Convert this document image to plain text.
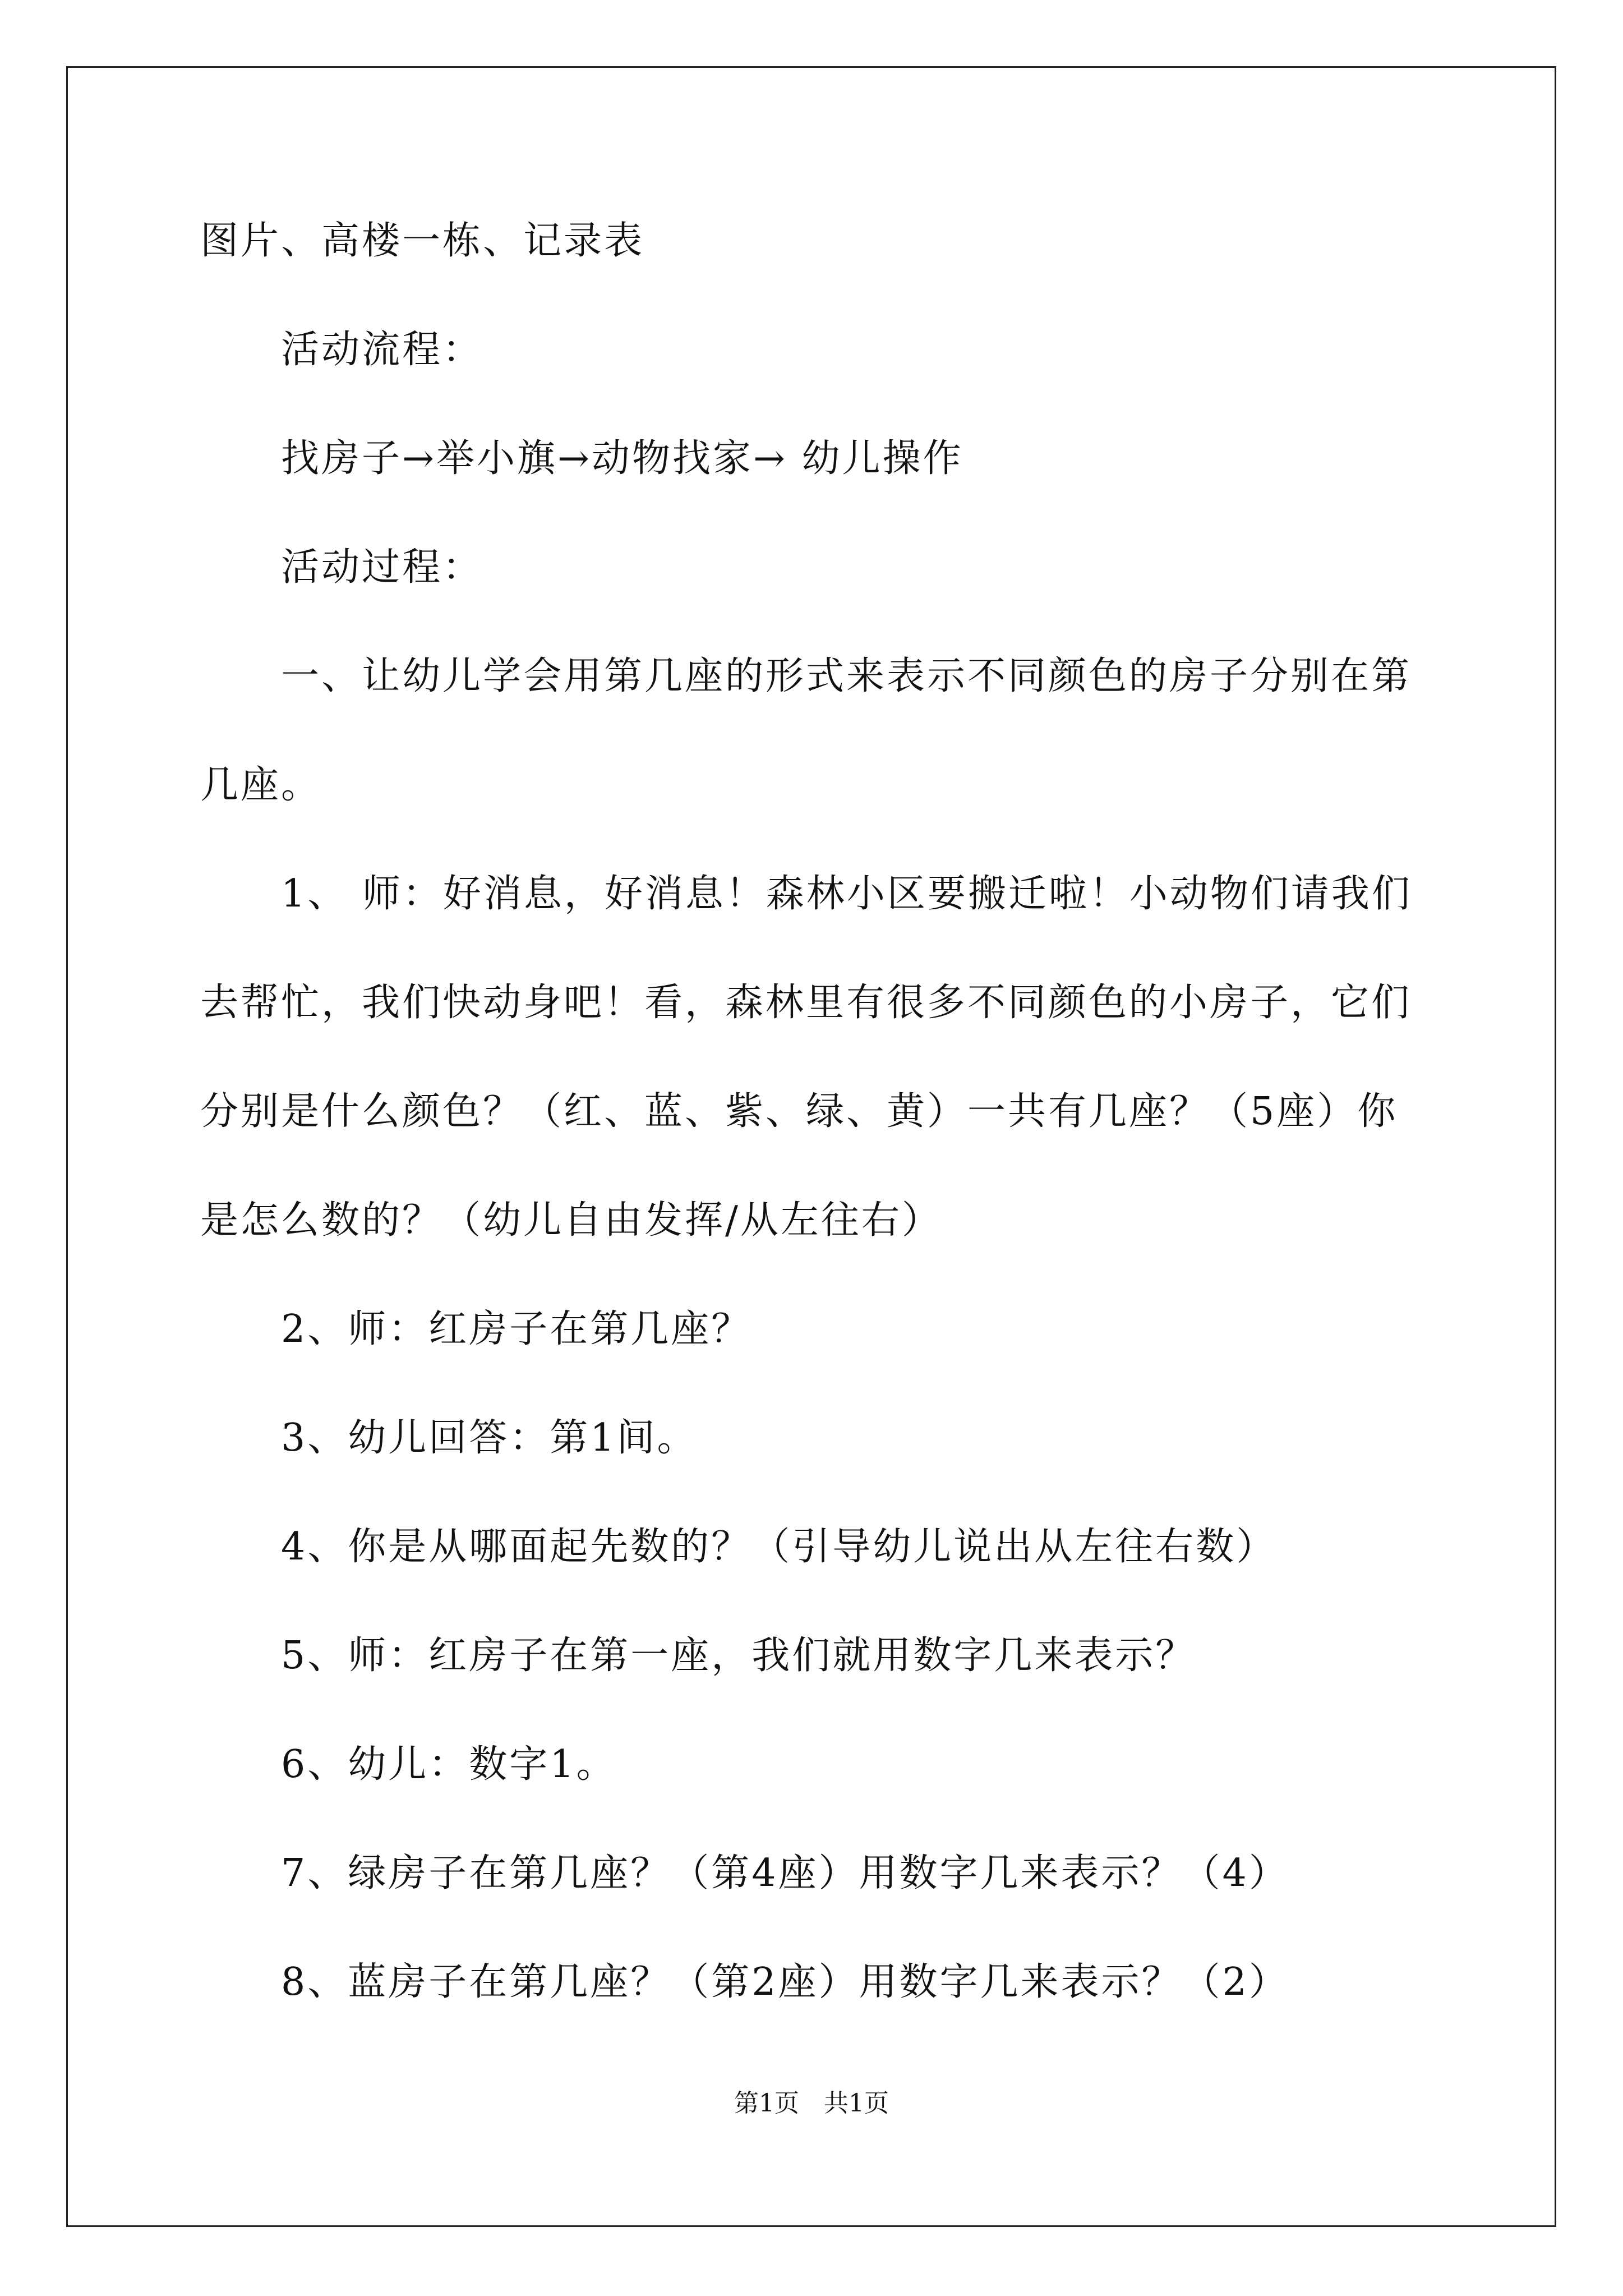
图片、高楼一栋、记录表
活动流程：
找房子→举小旗→动物找家→ 幼儿操作
活动过程：
一、让幼儿学会用第几座的形式来表示不同颜色的房子分别在第
几座。
1、 师：好消息，好消息！森林小区要搬迁啦！小动物们请我们
去帮忙，我们快动身吧！看，森林里有很多不同颜色的小房子，它们
分别是什么颜色？（红、蓝、紫、绿、黄）一共有几座？（5座）你
是怎么数的？（幼儿自由发挥/从左往右）
2、师：红房子在第几座？
3、幼儿回答：第1间。
4、你是从哪面起先数的？（引导幼儿说出从左往右数）
5、师：红房子在第一座，我们就用数字几来表示？
6、幼儿：数字1。
7、绿房子在第几座？（第4座）用数字几来表示？（4）
8、蓝房子在第几座？（第2座）用数字几来表示？（2）
第1页　共1页
